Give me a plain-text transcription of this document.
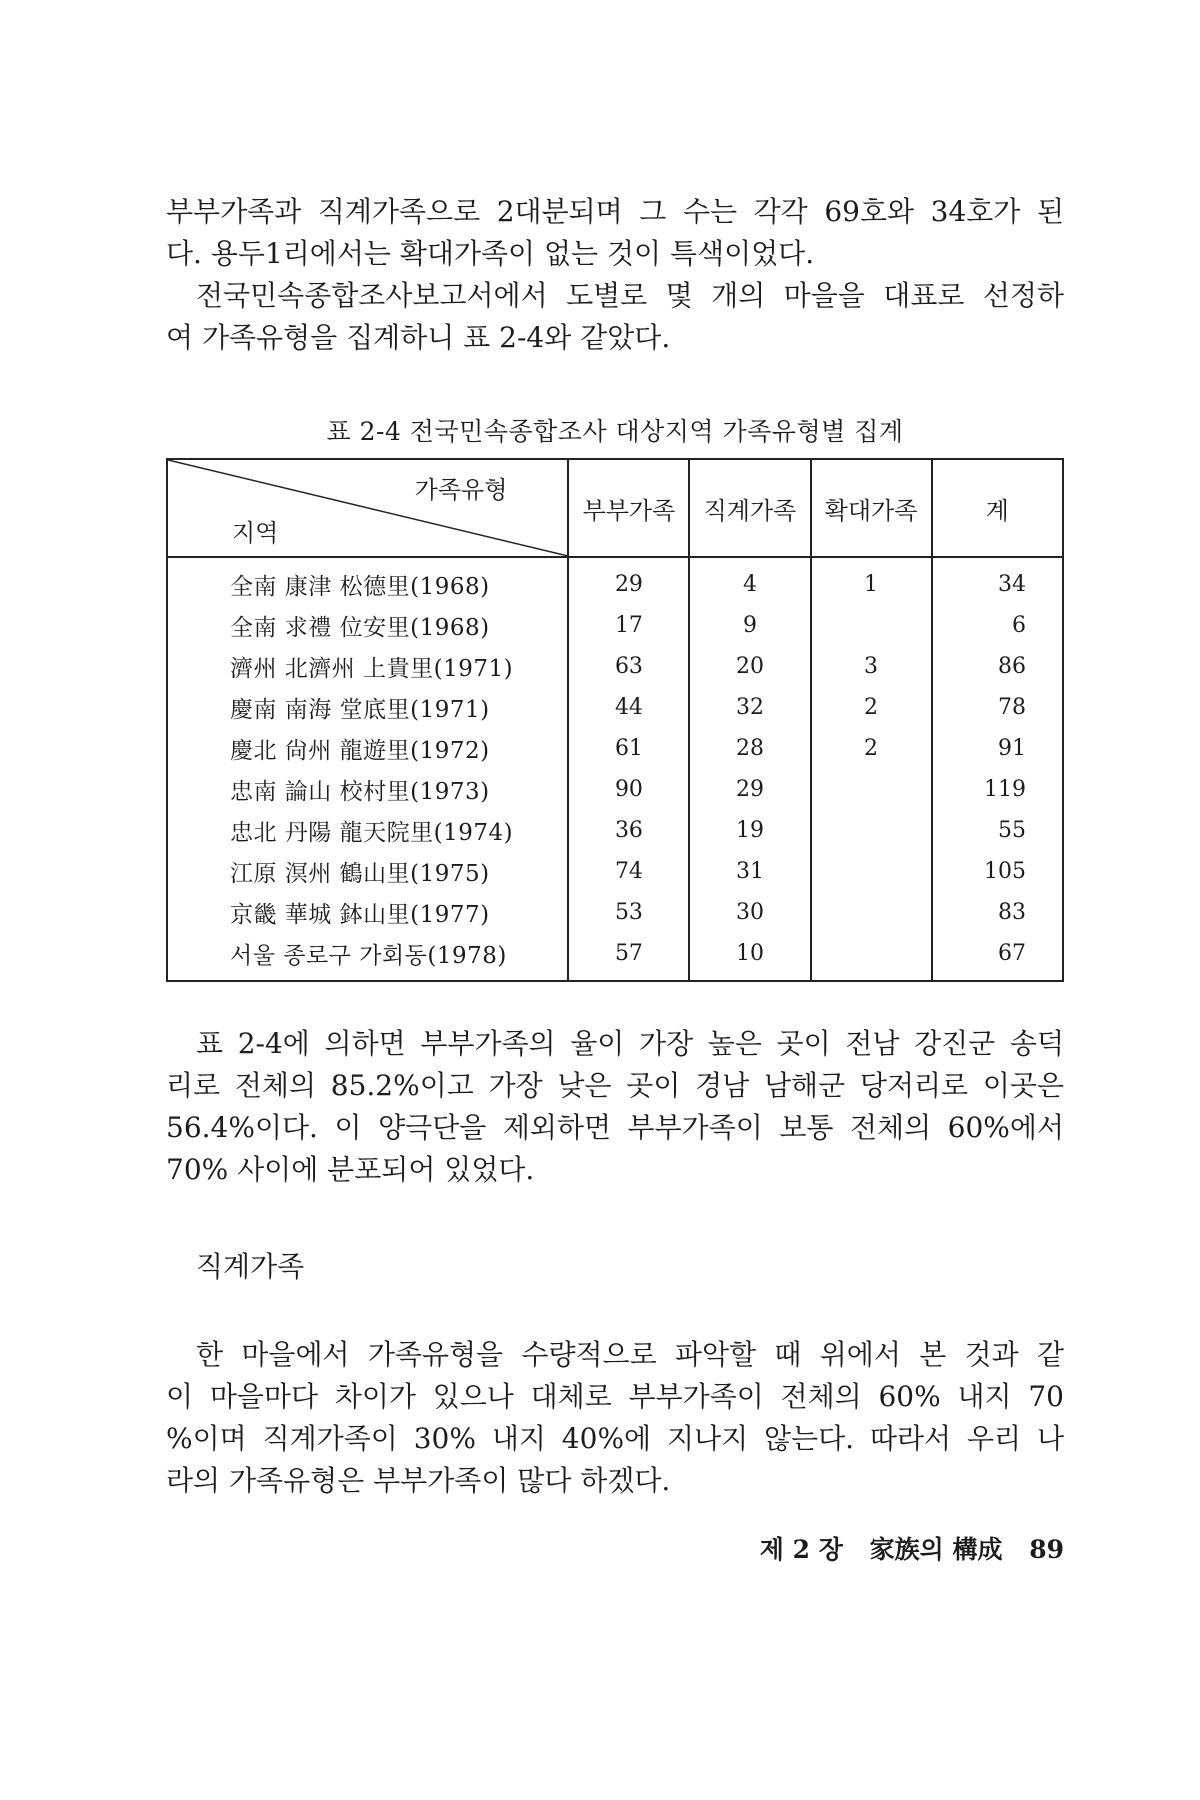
부부가족과 직계가족으로 2대분되며 그 수는 각각 69호와 34호가 된
다. 용두1리에서는 확대가족이 없는 것이 특색이었다.
전국민속종합조사보고서에서 도별로 몇 개의 마을을 대표로 선정하
여 가족유형을 집계하니 표 2-4와 같았다.
표 2-4 전국민속종합조사 대상지역 가족유형별 집계
가족유형
지역	부부가족	직계가족	확대가족	계
全南 康津 松德里(1968)	29	4	1	34
全南 求禮 位安里(1968)	17	9		6
濟州 北濟州 上貴里(1971)	63	20	3	86
慶南 南海 堂底里(1971)	44	32	2	78
慶北 尙州 龍遊里(1972)	61	28	2	91
忠南 論山 校村里(1973)	90	29		119
忠北 丹陽 龍天院里(1974)	36	19		55
江原 溟州 鶴山里(1975)	74	31		105
京畿 華城 鉢山里(1977)	53	30		83
서울 종로구 가회동(1978)	57	10		67
표 2-4에 의하면 부부가족의 율이 가장 높은 곳이 전남 강진군 송덕
리로 전체의 85.2%이고 가장 낮은 곳이 경남 남해군 당저리로 이곳은
56.4%이다. 이 양극단을 제외하면 부부가족이 보통 전체의 60%에서
70% 사이에 분포되어 있었다.
직계가족
한 마을에서 가족유형을 수량적으로 파악할 때 위에서 본 것과 같
이 마을마다 차이가 있으나 대체로 부부가족이 전체의 60% 내지 70
%이며 직계가족이 30% 내지 40%에 지나지 않는다. 따라서 우리 나
라의 가족유형은 부부가족이 많다 하겠다.
제 2 장 家族의 構成 89
